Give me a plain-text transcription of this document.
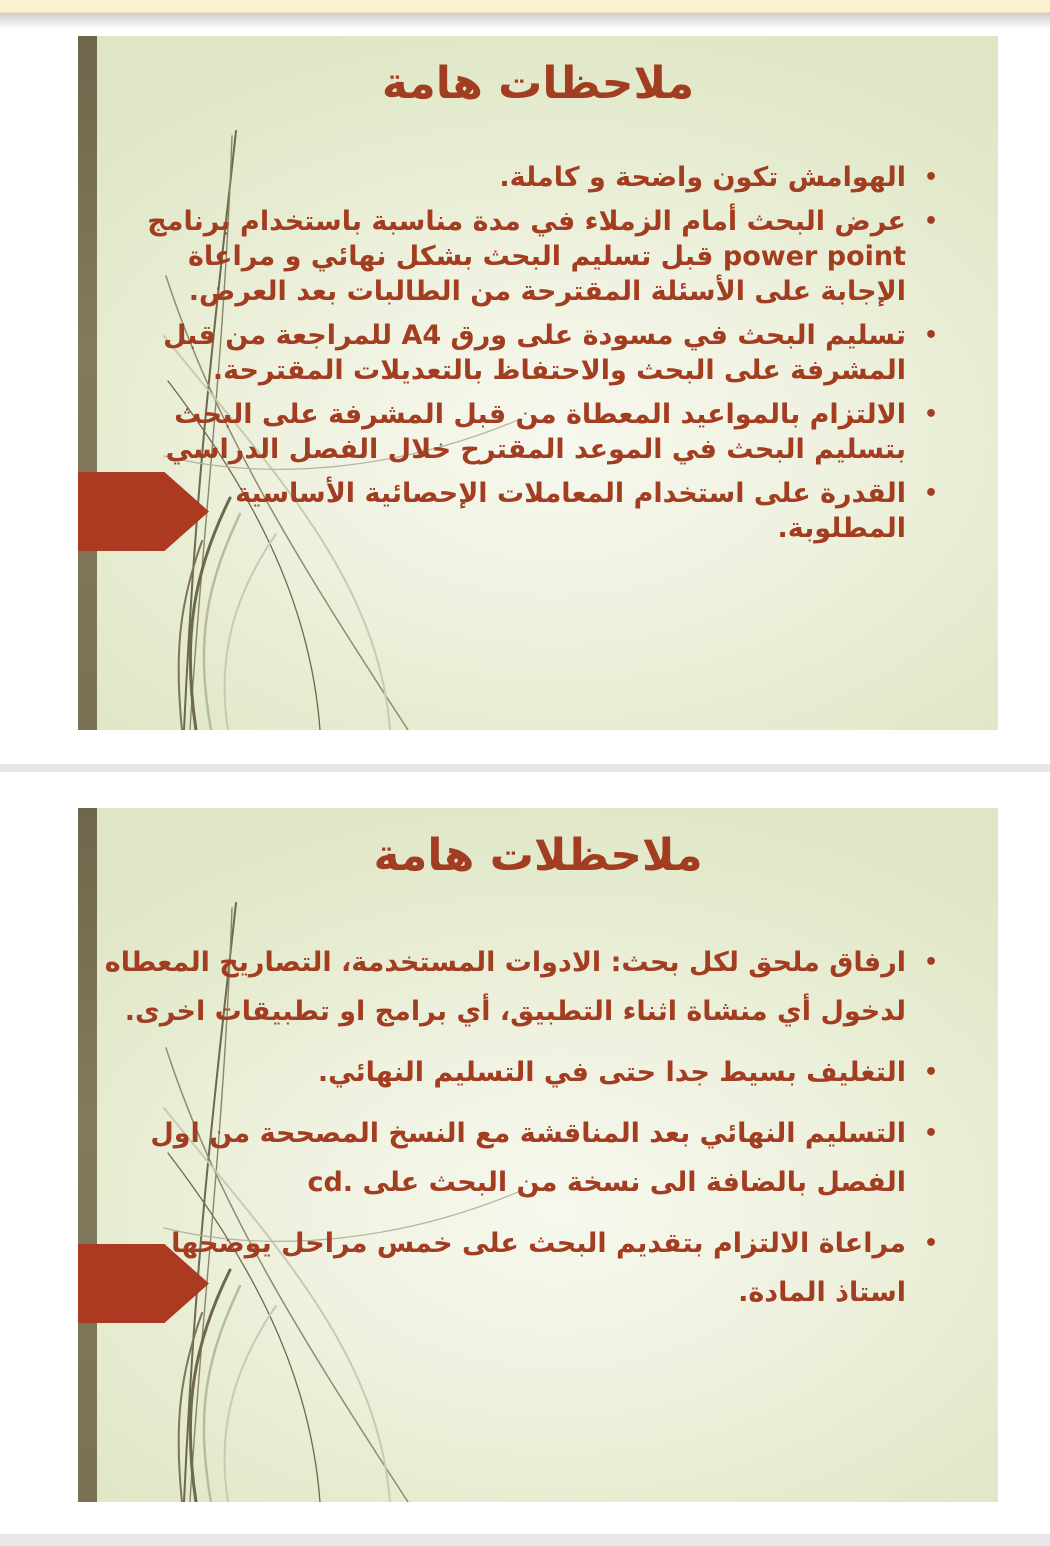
ملاحظات هامة
•
الهوامش تكون واضحة و كاملة.
•
عرض البحث أمام الزملاء في مدة مناسبة باستخدام برنامج power point قبل تسليم البحث بشكل نهائي و مراعاة الإجابة على الأسئلة المقترحة من الطالبات بعد العرض.
•
تسليم البحث في مسودة على ورق A4 للمراجعة من قبل المشرفة على البحث والاحتفاظ بالتعديلات المقترحة.
•
الالتزام بالمواعيد المعطاة من قبل المشرفة على البحث بتسليم البحث في الموعد المقترح خلال الفصل الدراسي
•
القدرة على استخدام المعاملات الإحصائية الأساسية المطلوبة.
ملاحظلات هامة
•
ارفاق ملحق لكل بحث: الادوات المستخدمة، التصاريح المعطاه لدخول أي منشاة اثناء التطبيق، أي برامج او تطبيقات اخرى.
•
التغليف بسيط جدا حتى في التسليم النهائي.
•
التسليم النهائي بعد المناقشة مع النسخ المصححة من اول الفصل بالضافة الى نسخة من البحث على .cd
•
مراعاة الالتزام بتقديم البحث على خمس مراحل يوضحها استاذ المادة.
